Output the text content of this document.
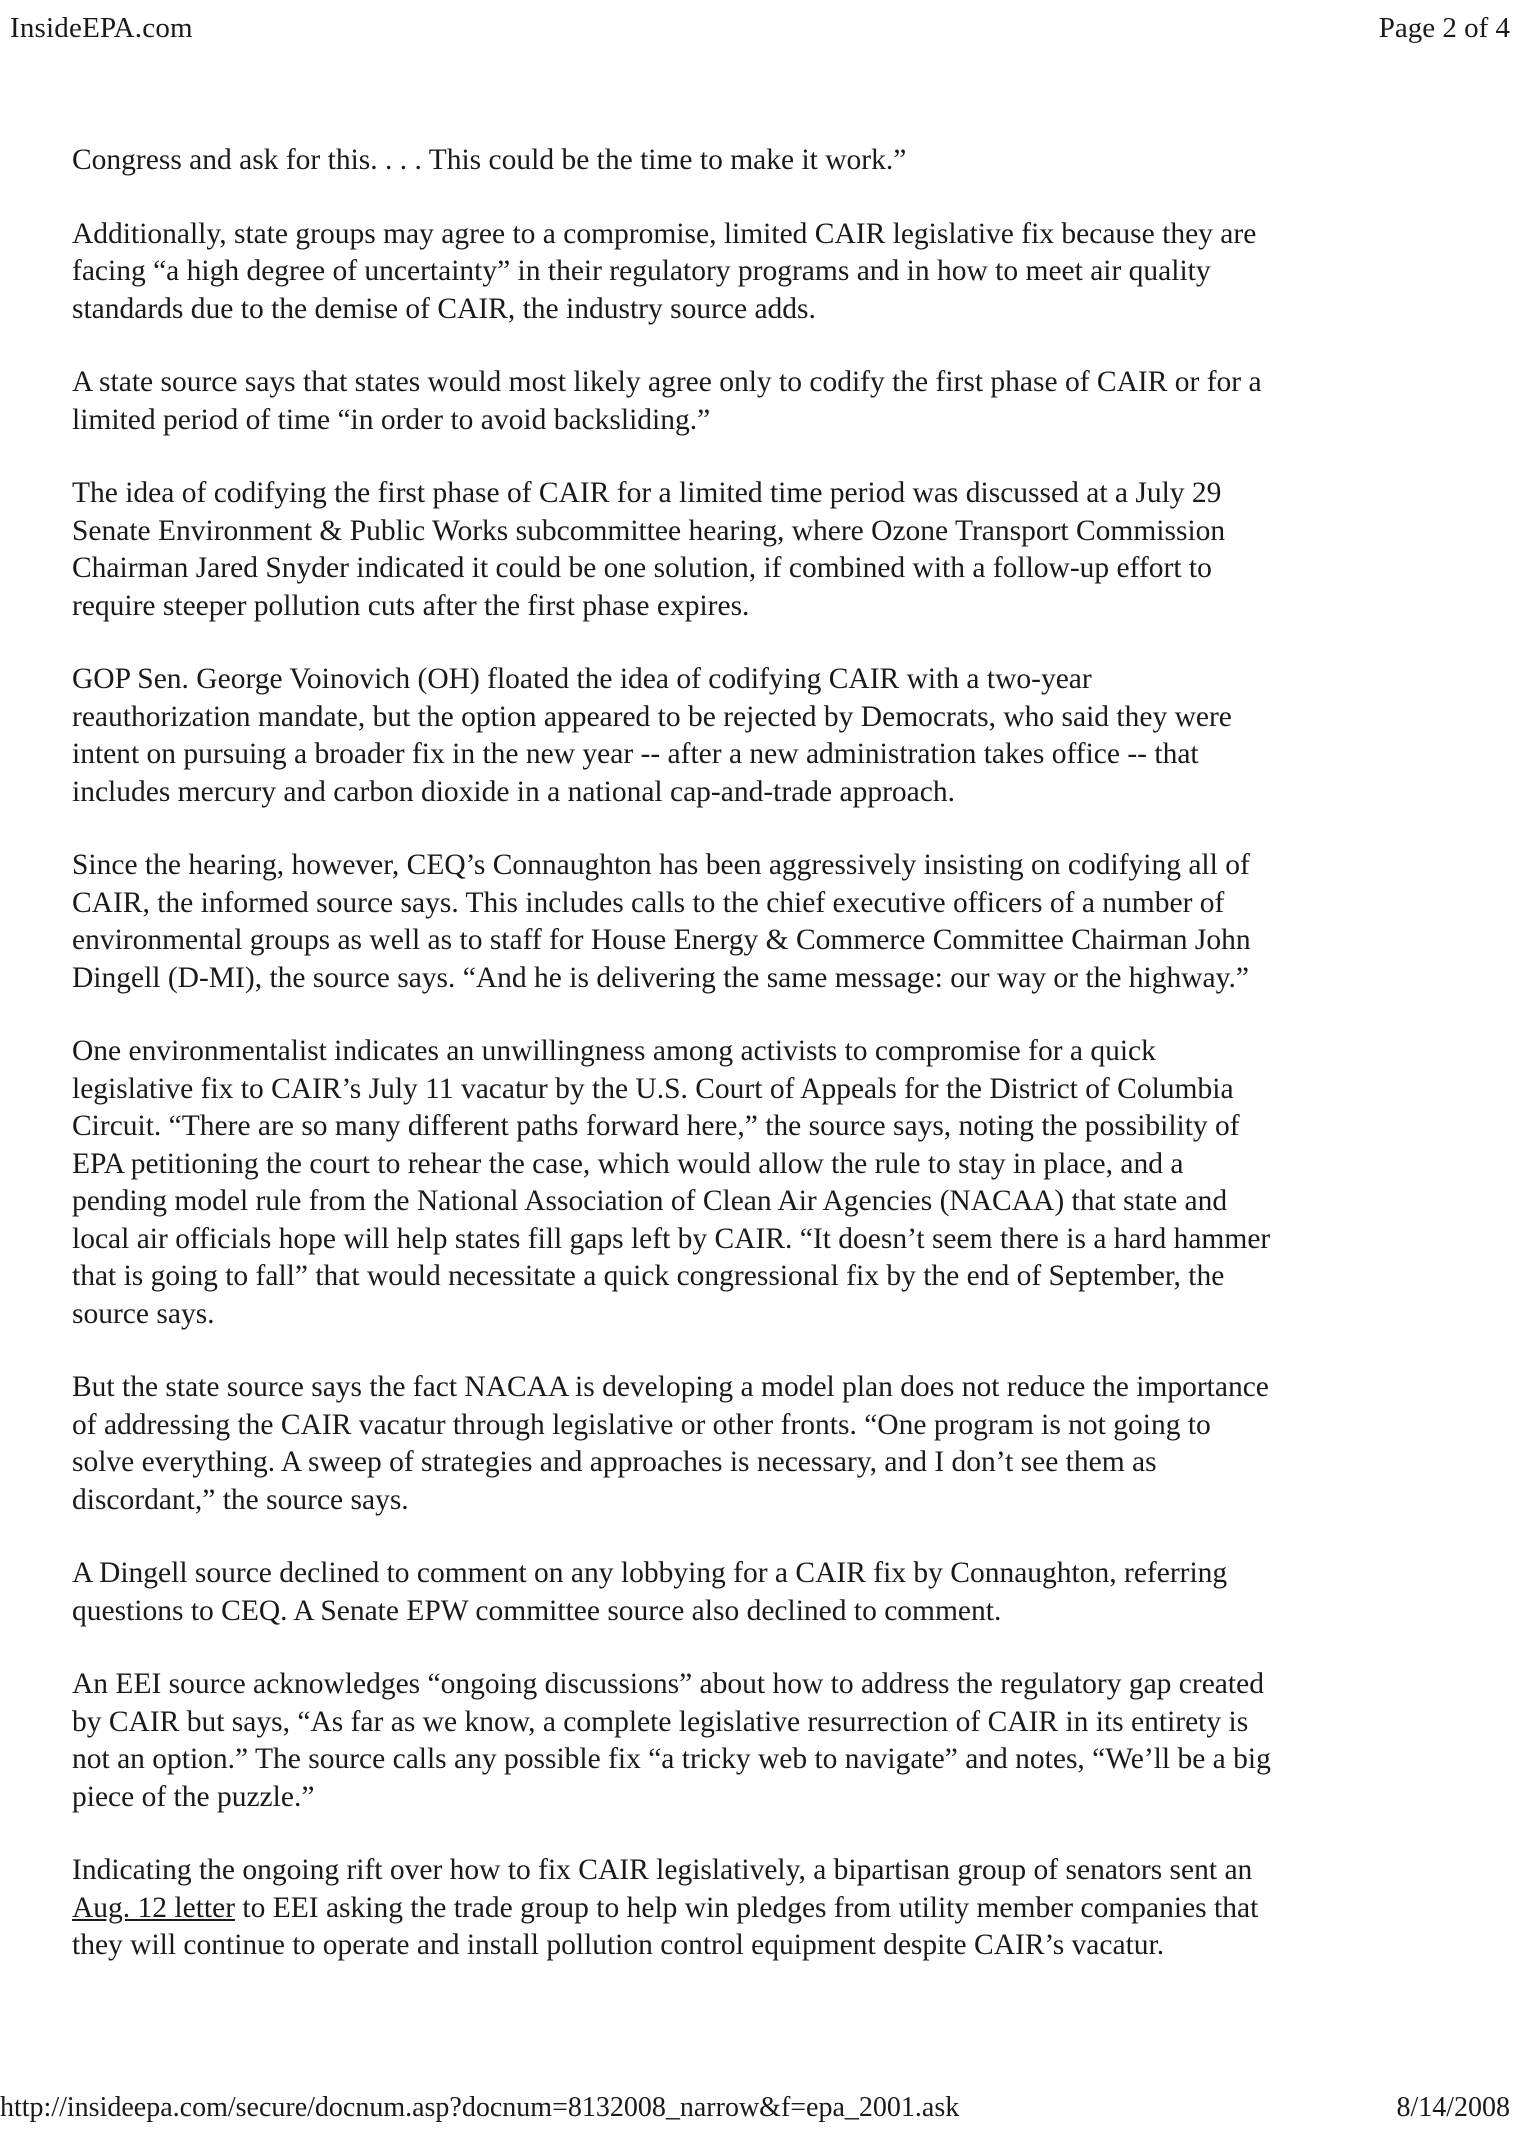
InsideEPA.com	Page 2 of 4

Congress and ask for this. . . . This could be the time to make it work.”

Additionally, state groups may agree to a compromise, limited CAIR legislative fix because they are
facing “a high degree of uncertainty” in their regulatory programs and in how to meet air quality
standards due to the demise of CAIR, the industry source adds.

A state source says that states would most likely agree only to codify the first phase of CAIR or for a
limited period of time “in order to avoid backsliding.”

The idea of codifying the first phase of CAIR for a limited time period was discussed at a July 29
Senate Environment & Public Works subcommittee hearing, where Ozone Transport Commission
Chairman Jared Snyder indicated it could be one solution, if combined with a follow-up effort to
require steeper pollution cuts after the first phase expires.

GOP Sen. George Voinovich (OH) floated the idea of codifying CAIR with a two-year
reauthorization mandate, but the option appeared to be rejected by Democrats, who said they were
intent on pursuing a broader fix in the new year -- after a new administration takes office -- that
includes mercury and carbon dioxide in a national cap-and-trade approach.

Since the hearing, however, CEQ’s Connaughton has been aggressively insisting on codifying all of
CAIR, the informed source says. This includes calls to the chief executive officers of a number of
environmental groups as well as to staff for House Energy & Commerce Committee Chairman John
Dingell (D-MI), the source says. “And he is delivering the same message: our way or the highway.”

One environmentalist indicates an unwillingness among activists to compromise for a quick
legislative fix to CAIR’s July 11 vacatur by the U.S. Court of Appeals for the District of Columbia
Circuit. “There are so many different paths forward here,” the source says, noting the possibility of
EPA petitioning the court to rehear the case, which would allow the rule to stay in place, and a
pending model rule from the National Association of Clean Air Agencies (NACAA) that state and
local air officials hope will help states fill gaps left by CAIR. “It doesn’t seem there is a hard hammer
that is going to fall” that would necessitate a quick congressional fix by the end of September, the
source says.

But the state source says the fact NACAA is developing a model plan does not reduce the importance
of addressing the CAIR vacatur through legislative or other fronts. “One program is not going to
solve everything. A sweep of strategies and approaches is necessary, and I don’t see them as
discordant,” the source says.

A Dingell source declined to comment on any lobbying for a CAIR fix by Connaughton, referring
questions to CEQ. A Senate EPW committee source also declined to comment.

An EEI source acknowledges “ongoing discussions” about how to address the regulatory gap created
by CAIR but says, “As far as we know, a complete legislative resurrection of CAIR in its entirety is
not an option.” The source calls any possible fix “a tricky web to navigate” and notes, “We’ll be a big
piece of the puzzle.”

Indicating the ongoing rift over how to fix CAIR legislatively, a bipartisan group of senators sent an
Aug. 12 letter to EEI asking the trade group to help win pledges from utility member companies that
they will continue to operate and install pollution control equipment despite CAIR’s vacatur.

http://insideepa.com/secure/docnum.asp?docnum=8132008_narrow&f=epa_2001.ask	8/14/2008
